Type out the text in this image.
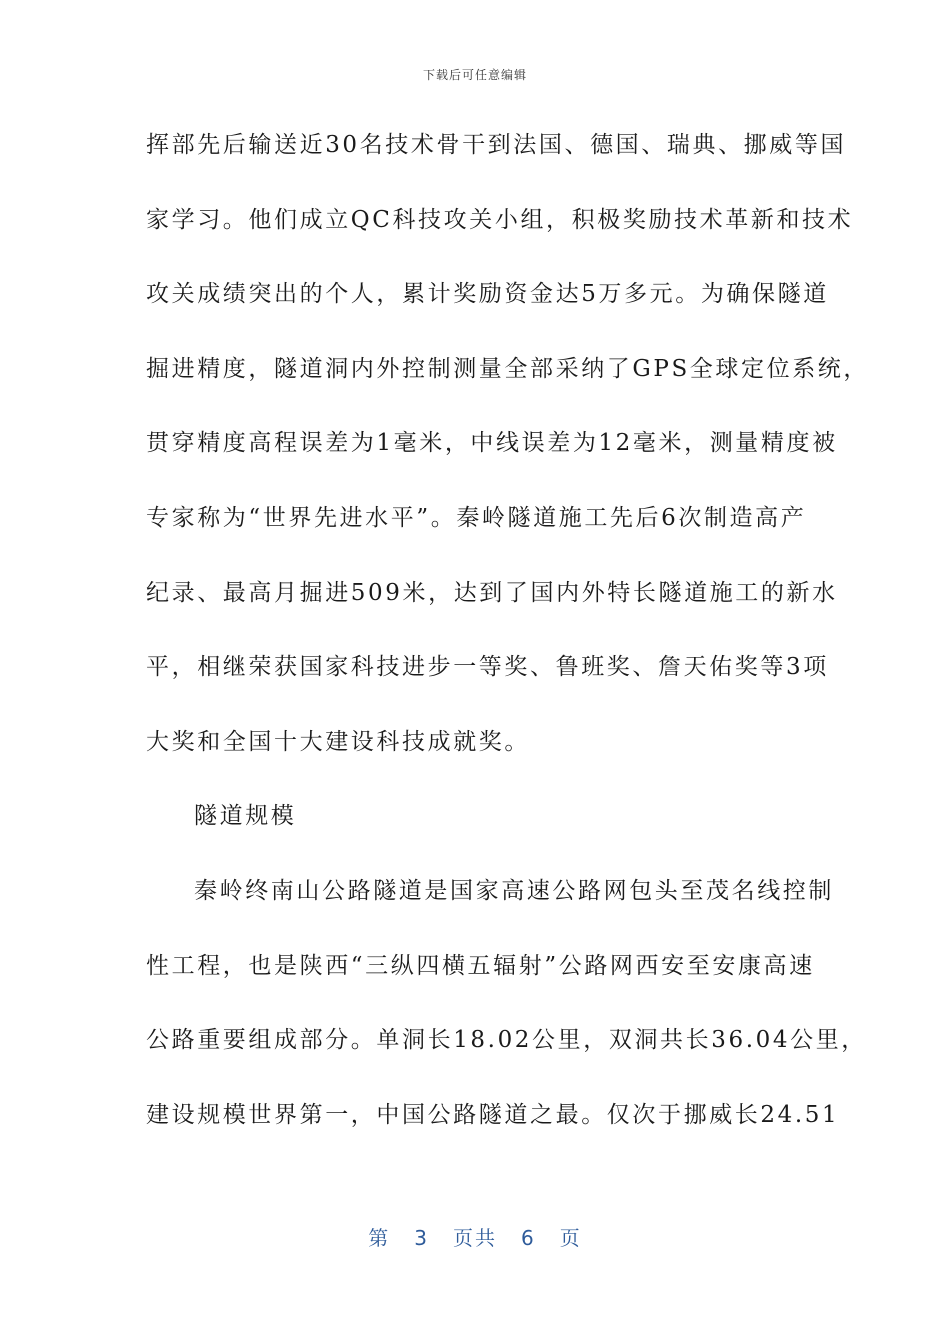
下载后可任意编辑
挥部先后输送近30名技术骨干到法国、德国、瑞典、挪威等国
家学习。他们成立QC科技攻关小组，积极奖励技术革新和技术
攻关成绩突出的个人，累计奖励资金达5万多元。为确保隧道
掘进精度，隧道洞内外控制测量全部采纳了GPS全球定位系统，
贯穿精度高程误差为1毫米，中线误差为12毫米，测量精度被
专家称为“世界先进水平”。秦岭隧道施工先后6次制造高产
纪录、最高月掘进509米，达到了国内外特长隧道施工的新水
平，相继荣获国家科技进步一等奖、鲁班奖、詹天佑奖等3项
大奖和全国十大建设科技成就奖。
隧道规模
秦岭终南山公路隧道是国家高速公路网包头至茂名线控制
性工程，也是陕西“三纵四横五辐射”公路网西安至安康高速
公路重要组成部分。单洞长18.02公里，双洞共长36.04公里，
建设规模世界第一，中国公路隧道之最。仅次于挪威长24.51
第 3 页共 6 页
